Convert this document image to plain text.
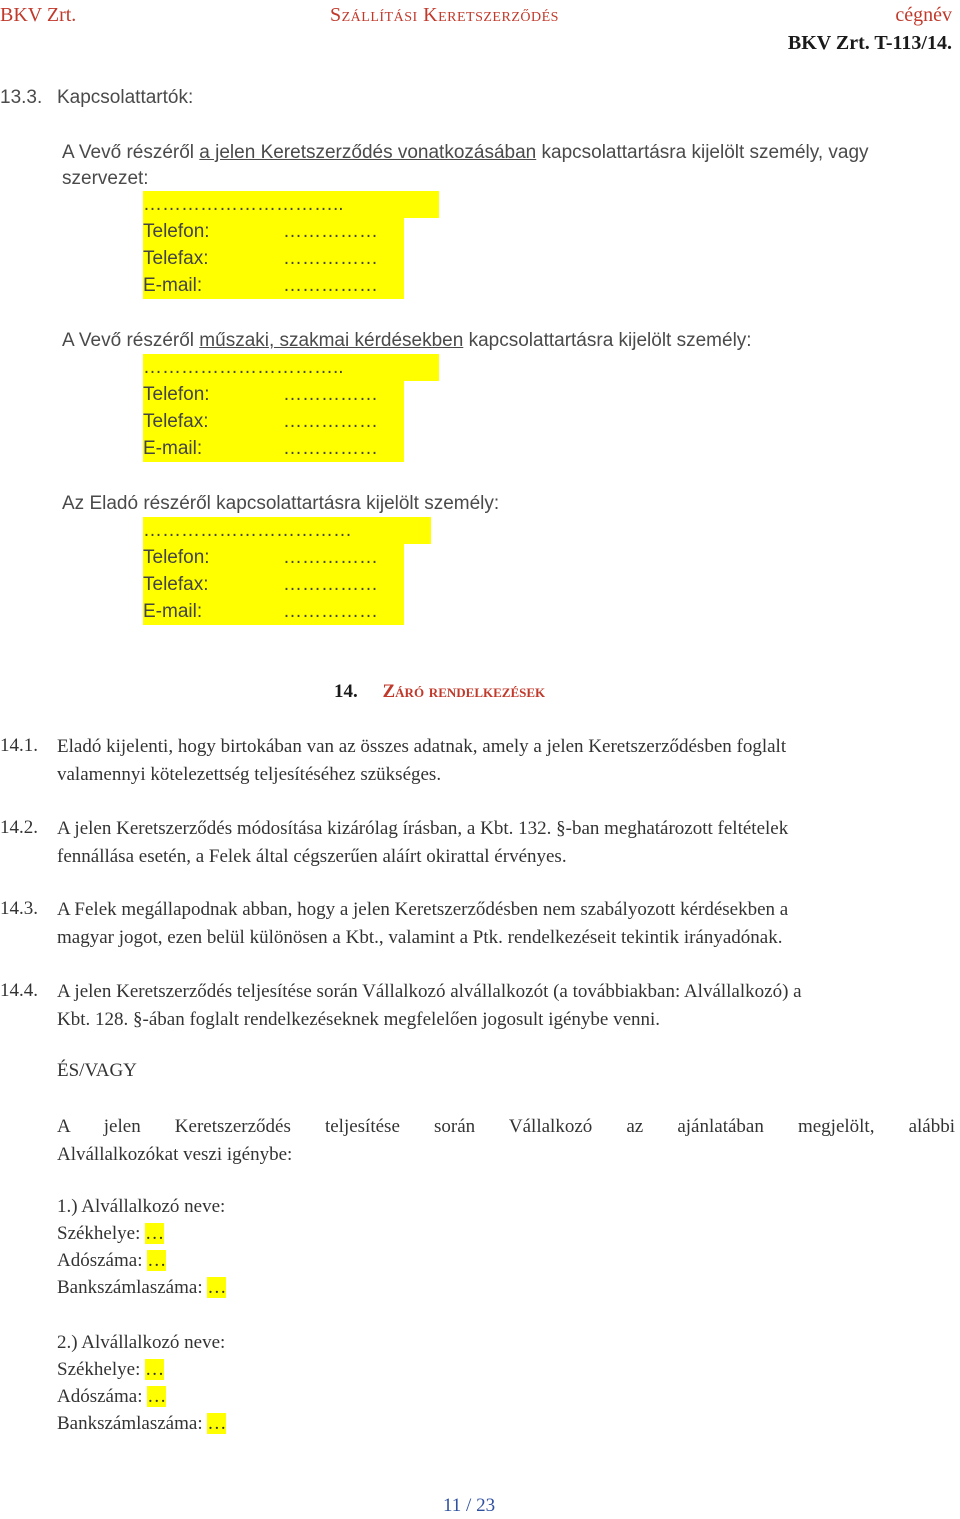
BKV Zrt.	Szállítási Keretszerződés	cégnév
BKV Zrt. T-113/14.
13.3. Kapcsolattartók:
A Vevő részéről a jelen Keretszerződés vonatkozásában kapcsolattartásra kijelölt személy, vagy
szervezet:
…………………………..
Telefon:	……………
Telefax:	……………
E-mail:	……………
A Vevő részéről műszaki, szakmai kérdésekben kapcsolattartásra kijelölt személy:
…………………………..
Telefon:	……………
Telefax:	……………
E-mail:	……………
Az Eladó részéről kapcsolattartásra kijelölt személy:
……………………………
Telefon:	……………
Telefax:	……………
E-mail:	……………
14. Záró rendelkezések
14.1. Eladó kijelenti, hogy birtokában van az összes adatnak, amely a jelen Keretszerződésben foglalt
valamennyi kötelezettség teljesítéséhez szükséges.
14.2. A jelen Keretszerződés módosítása kizárólag írásban, a Kbt. 132. §-ban meghatározott feltételek
fennállása esetén, a Felek által cégszerűen aláírt okirattal érvényes.
14.3. A Felek megállapodnak abban, hogy a jelen Keretszerződésben nem szabályozott kérdésekben a
magyar jogot, ezen belül különösen a Kbt., valamint a Ptk. rendelkezéseit tekintik irányadónak.
14.4. A jelen Keretszerződés teljesítése során Vállalkozó alvállalkozót (a továbbiakban: Alvállalkozó) a
Kbt. 128. §-ában foglalt rendelkezéseknek megfelelően jogosult igénybe venni.
ÉS/VAGY
A jelen Keretszerződés teljesítése során Vállalkozó az ajánlatában megjelölt, alábbi
Alvállalkozókat veszi igénybe:
1.) Alvállalkozó neve:
Székhelye: …
Adószáma: …
Bankszámlaszáma: …
2.) Alvállalkozó neve:
Székhelye: …
Adószáma: …
Bankszámlaszáma: …
11 / 23
